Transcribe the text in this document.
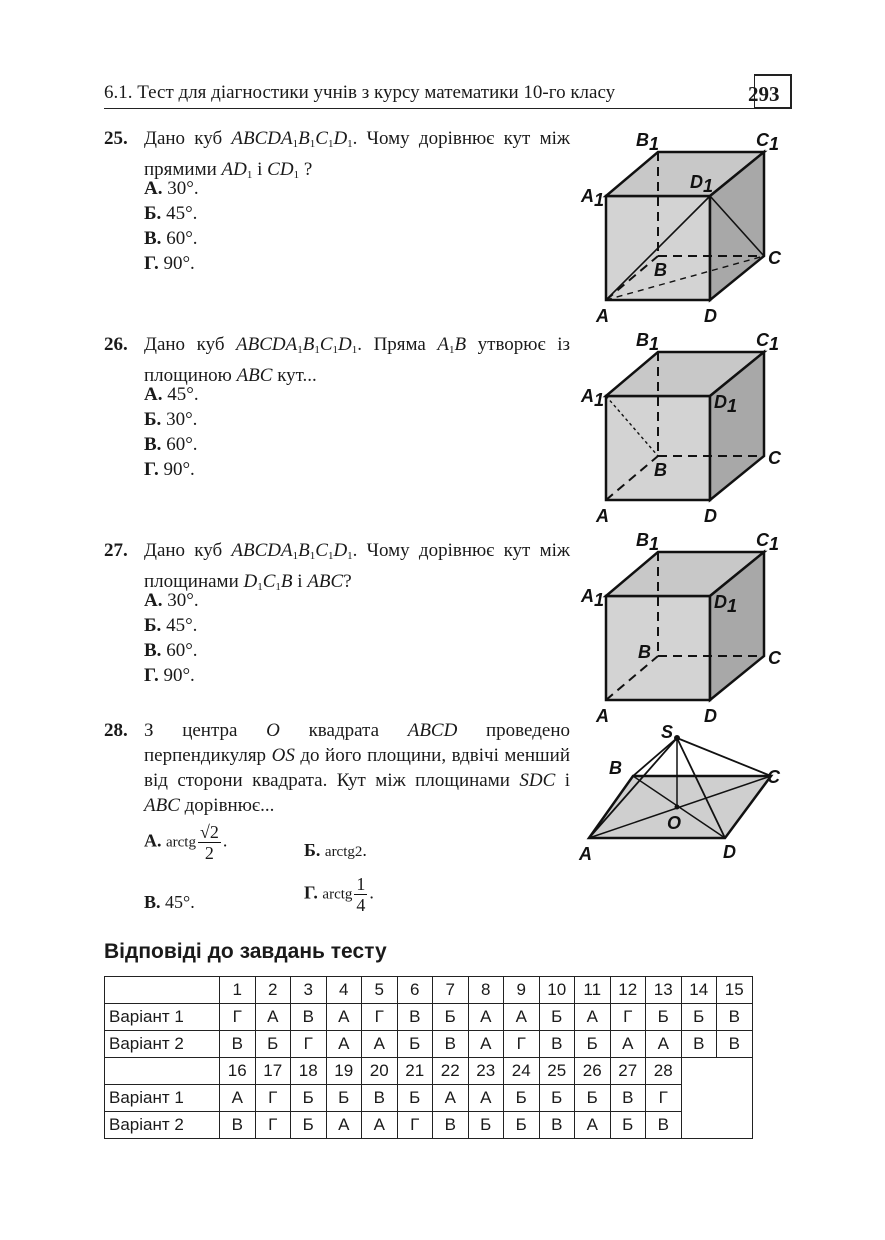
6.1. Тест для діагностики учнів з курсу математики 10-го класу	293
25. Дано куб $ABCDA_1B_1C_1D_1$. Чому дорівнює кут між прямими $AD_1$ і $CD_1$ ?
А. 30°.
Б. 45°.
В. 60°.
Г. 90°.
26. Дано куб $ABCDA_1B_1C_1D_1$. Пряма $A_1B$ утворює із площиною ABC кут...
А. 45°.
Б. 30°.
В. 60°.
Г. 90°.
27. Дано куб $ABCDA_1B_1C_1D_1$. Чому дорівнює кут між площинами $D_1C_1B$ і ABC?
А. 30°.
Б. 45°.
В. 60°.
Г. 90°.
28. З центра O квадрата ABCD проведено перпендикуляр OS до його площини, вдвічі менший від сторони квадрата. Кут між площинами SDC і ABC дорівнює...
А. arctg $\frac{√2}{2}$ .	Б. arctg2.
В. 45°.	Г. arctg $\frac{1}{4}$ .
B1	C1
A1
D1
C
B
A	D
B1	C1
A1	D1
C
B
A	D
B1	C1
A1	D1
C
B
A	D
S
B	C
O
A	D
Відповіді до завдань тесту
	1	2	3	4	5	6	7	8	9	10	11	12	13	14	15
Варіант 1	Г	А	В	А	Г	В	Б	А	А	Б	А	Г	Б	Б	В
Варіант 2	В	Б	Г	А	А	Б	В	А	Г	В	Б	А	А	В	В
	16	17	18	19	20	21	22	23	24	25	26	27	28		
Варіант 1	А	Г	Б	Б	В	Б	А	А	Б	Б	Б	В	Г		
Варіант 2	В	Г	Б	А	А	Г	В	Б	Б	В	А	Б	В		
